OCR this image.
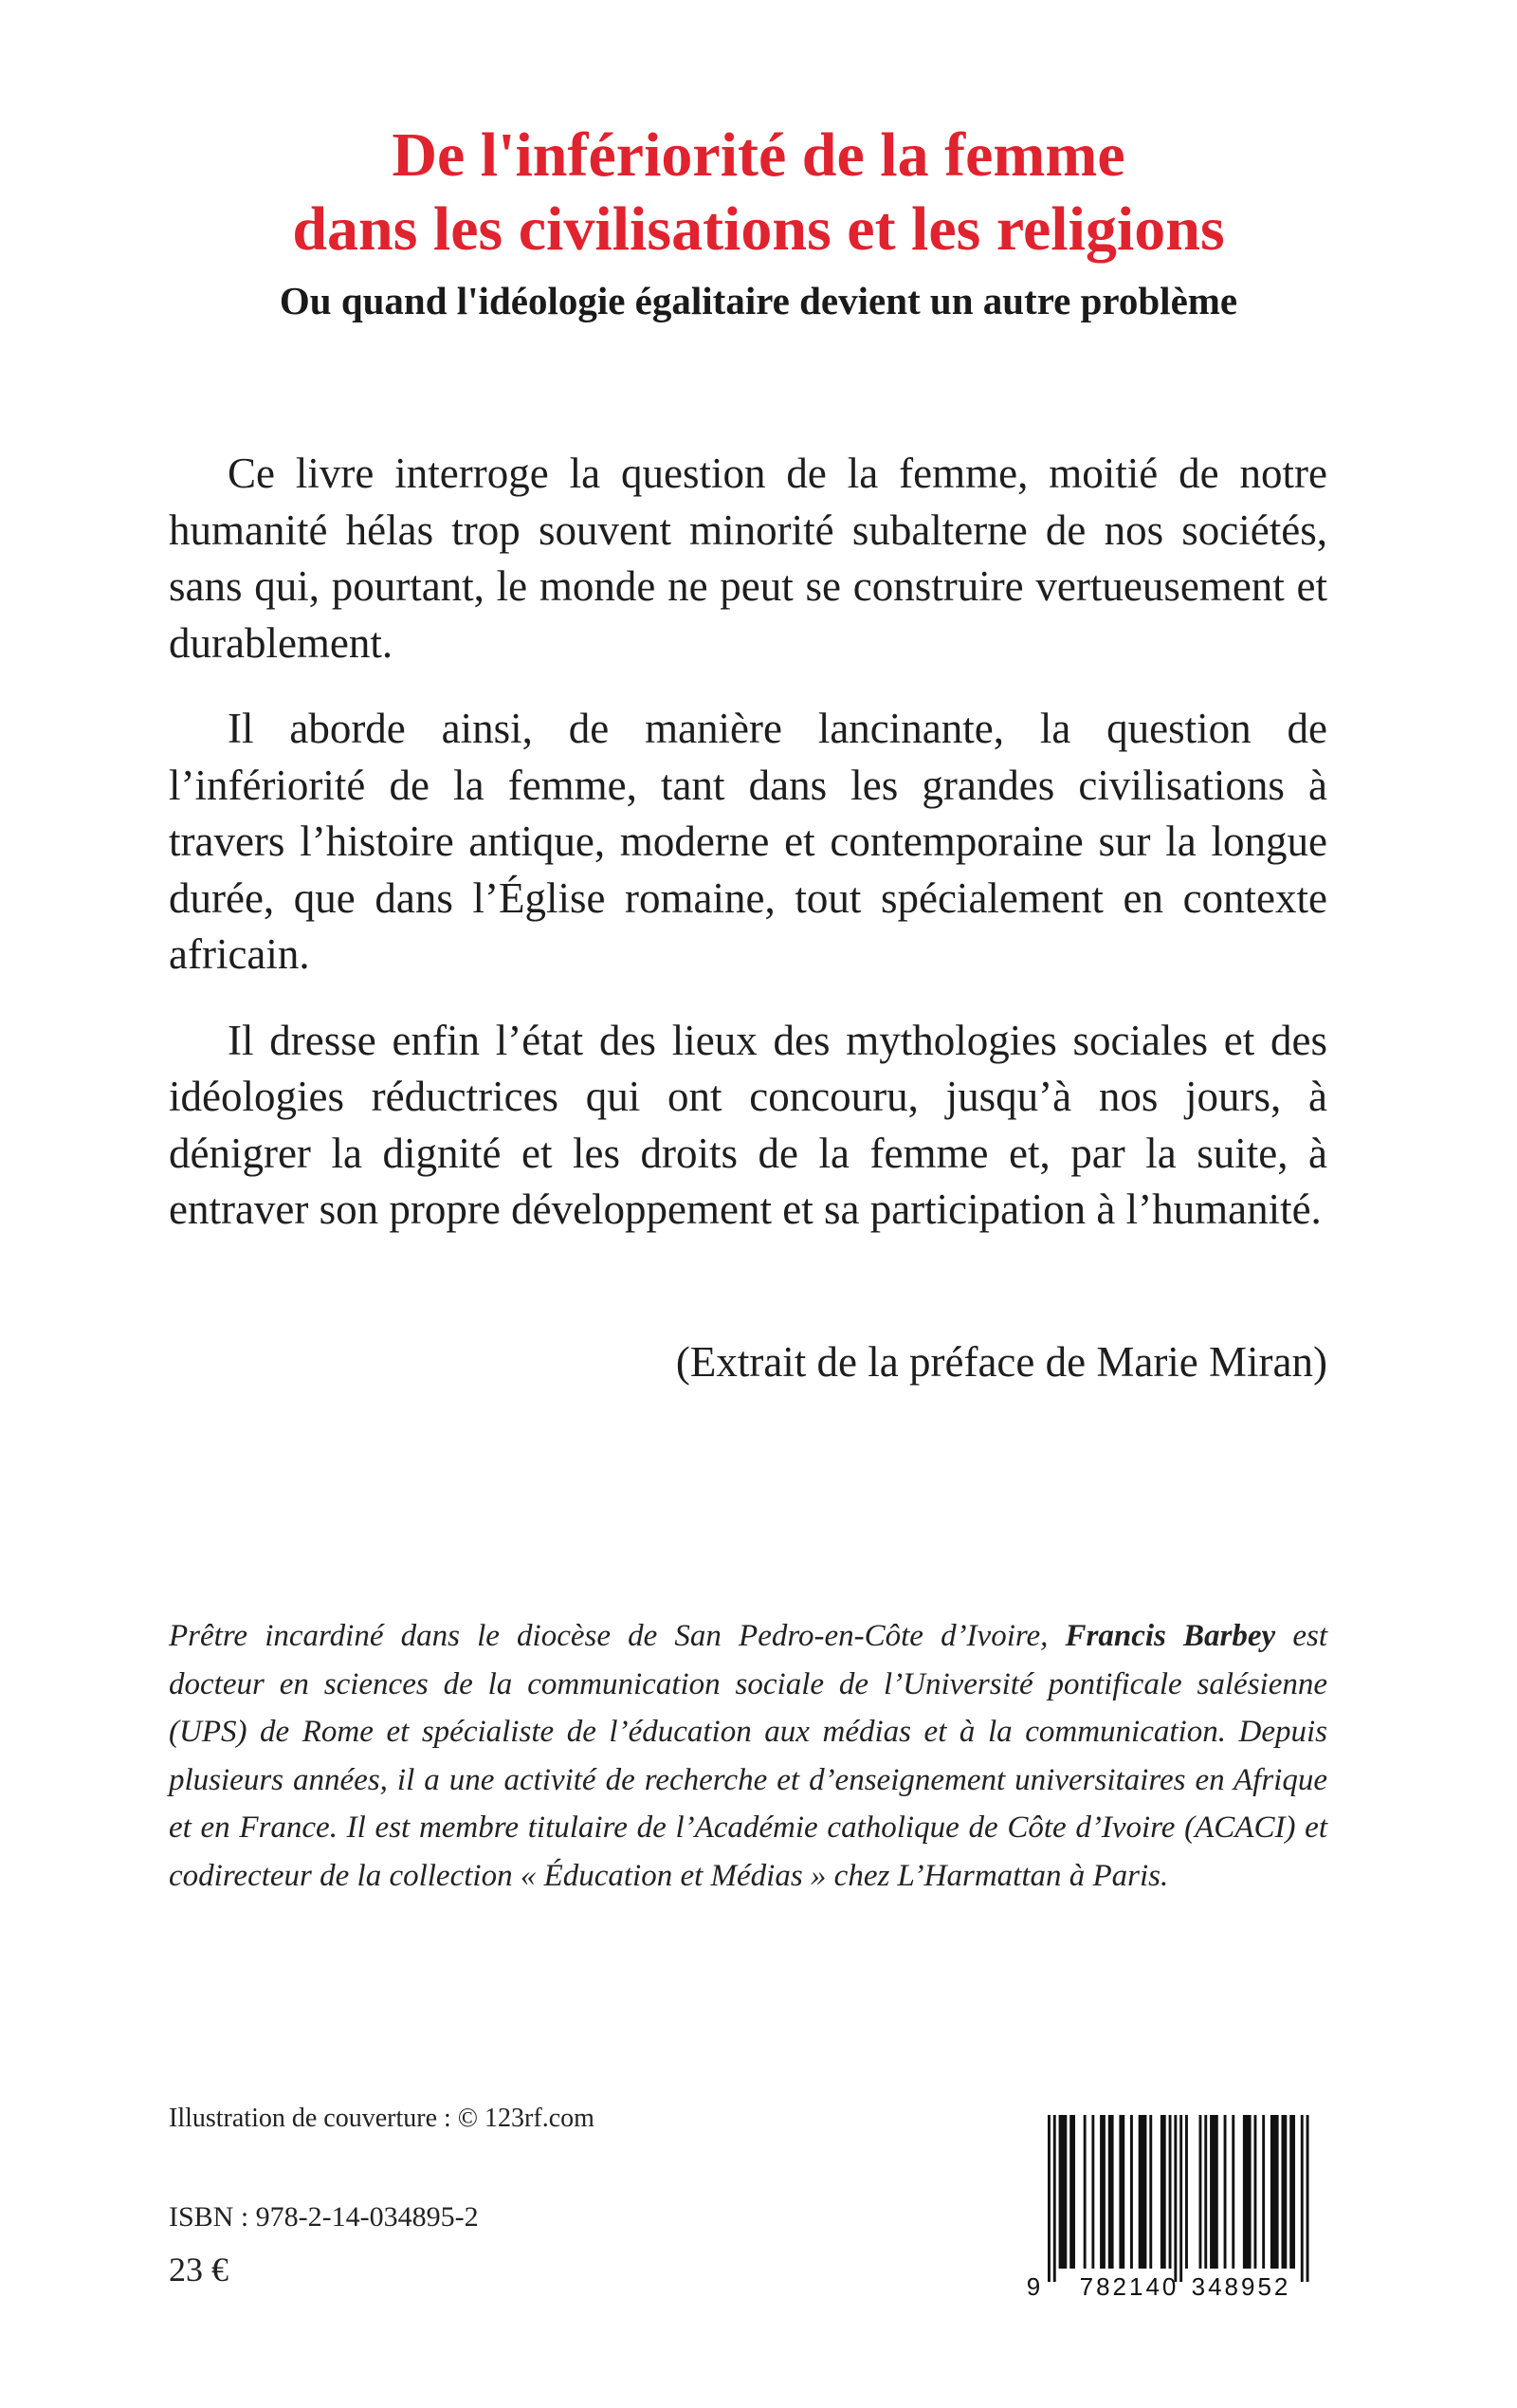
De l'infériorité de la femme
dans les civilisations et les religions
Ou quand l'idéologie égalitaire devient un autre problème

Ce livre interroge la question de la femme, moitié de notre humanité hélas trop souvent minorité subalterne de nos sociétés, sans qui, pourtant, le monde ne peut se construire vertueusement et durablement.

Il aborde ainsi, de manière lancinante, la question de l’infériorité de la femme, tant dans les grandes civilisations à travers l’histoire antique, moderne et contemporaine sur la longue durée, que dans l’Église romaine, tout spécialement en contexte africain.

Il dresse enfin l’état des lieux des mythologies sociales et des idéologies réductrices qui ont concouru, jusqu’à nos jours, à dénigrer la dignité et les droits de la femme et, par la suite, à entraver son propre développement et sa participation à l’humanité.

(Extrait de la préface de Marie Miran)

Prêtre incardiné dans le diocèse de San Pedro-en-Côte d’Ivoire, Francis Barbey est docteur en sciences de la communication sociale de l’Université pontificale salésienne (UPS) de Rome et spécialiste de l’éducation aux médias et à la communication. Depuis plusieurs années, il a une activité de recherche et d’enseignement universitaires en Afrique et en France. Il est membre titulaire de l’Académie catholique de Côte d’Ivoire (ACACI) et codirecteur de la collection « Éducation et Médias » chez L’Harmattan à Paris.

Illustration de couverture : © 123rf.com

ISBN : 978-2-14-034895-2

23 €	9 782140 348952
